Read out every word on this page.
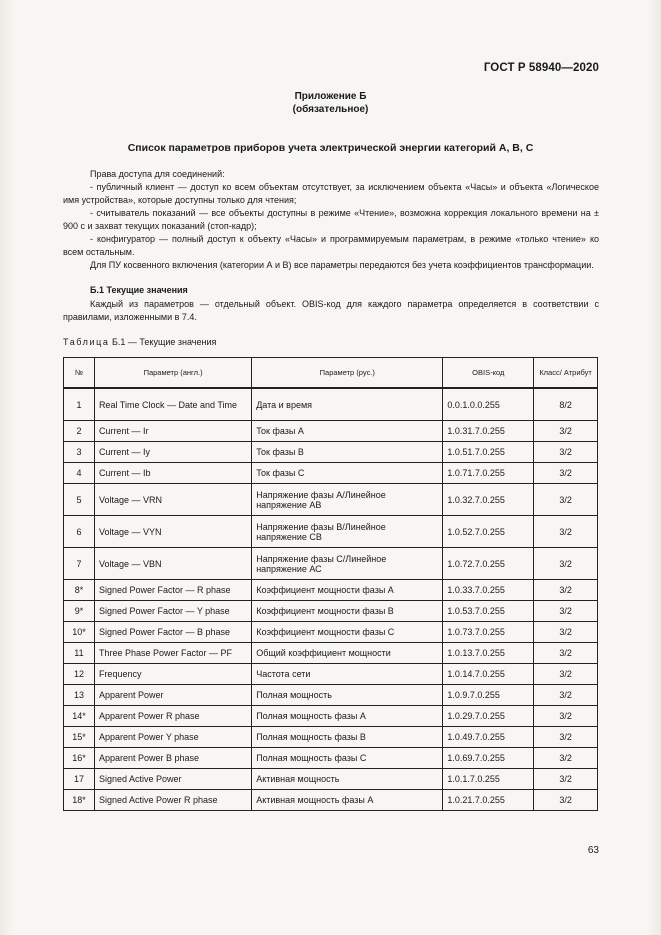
ГОСТ Р 58940—2020
Приложение Б
(обязательное)
Список параметров приборов учета электрической энергии категорий А, В, С

Права доступа для соединений:

- публичный клиент — доступ ко всем объектам отсутствует, за исключением объекта «Часы» и объекта «Логическое имя устройства», которые доступны только для чтения;

- считыватель показаний — все объекты доступны в режиме «Чтение», возможна коррекция локального времени на ± 900 с и захват текущих показаний (стоп-кадр);

- конфигуратор — полный доступ к объекту «Часы» и программируемым параметрам, в режиме «только чтение» ко всем остальным.

Для ПУ косвенного включения (категории А и В) все параметры передаются без учета коэффициентов трансформации.

Б.1 Текущие значения

Каждый из параметров — отдельный объект. OBIS-код для каждого параметра определяется в соответствии с правилами, изложенными в 7.4.

Таблица Б.1 — Текущие значения
№	Параметр (англ.)	Параметр (рус.)	OBIS-код	Класс/ Атрибут
1	Real Time Clock — Date and Time	Дата и время	0.0.1.0.0.255	8/2
2	Current — Ir	Ток фазы А	1.0.31.7.0.255	3/2
3	Current — Iy	Ток фазы В	1.0.51.7.0.255	3/2
4	Current — Ib	Ток фазы С	1.0.71.7.0.255	3/2
5	Voltage — VRN	Напряжение фазы А/Линейное напряжение АВ	1.0.32.7.0.255	3/2
6	Voltage — VYN	Напряжение фазы В/Линейное напряжение СВ	1.0.52.7.0.255	3/2
7	Voltage — VBN	Напряжение фазы С/Линейное напряжение АС	1.0.72.7.0.255	3/2
8*	Signed Power Factor — R phase	Коэффициент мощности фазы А	1.0.33.7.0.255	3/2
9*	Signed Power Factor — Y phase	Коэффициент мощности фазы В	1.0.53.7.0.255	3/2
10*	Signed Power Factor — B phase	Коэффициент мощности фазы С	1.0.73.7.0.255	3/2
11	Three Phase Power Factor — PF	Общий коэффициент мощности	1.0.13.7.0.255	3/2
12	Frequency	Частота сети	1.0.14.7.0.255	3/2
13	Apparent Power	Полная мощность	1.0.9.7.0.255	3/2
14*	Apparent Power R phase	Полная мощность фазы А	1.0.29.7.0.255	3/2
15*	Apparent Power Y phase	Полная мощность фазы В	1.0.49.7.0.255	3/2
16*	Apparent Power B phase	Полная мощность фазы С	1.0.69.7.0.255	3/2
17	Signed Active Power	Активная мощность	1.0.1.7.0.255	3/2
18*	Signed Active Power R phase	Активная мощность фазы А	1.0.21.7.0.255	3/2
63
